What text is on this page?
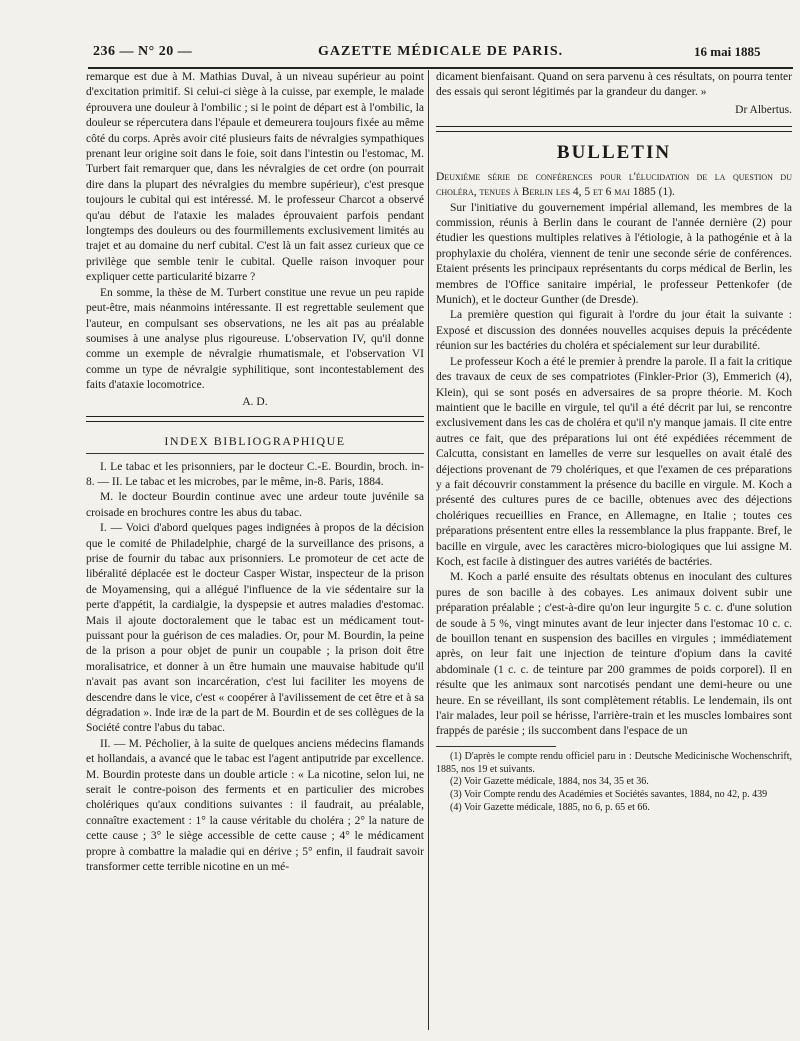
236 — N° 20 —	GAZETTE MÉDICALE DE PARIS.	16 mai 1885

remarque est due à M. Mathias Duval, à un niveau supérieur au point d'excitation primitif. Si celui-ci siège à la cuisse, par exemple, le malade éprouvera une douleur à l'ombilic ; si le point de départ est à l'ombilic, la douleur se répercutera dans l'épaule et demeurera toujours fixée au même côté du corps. Après avoir cité plusieurs faits de névralgies sympathiques prenant leur origine soit dans le foie, soit dans l'intestin ou l'estomac, M. Turbert fait remarquer que, dans les névralgies de cet ordre (on pourrait dire dans la plupart des névralgies du membre supérieur), c'est presque toujours le cubital qui est intéressé. M. le professeur Charcot a observé qu'au début de l'ataxie les malades éprouvaient parfois pendant longtemps des douleurs ou des fourmillements exclusivement limités au trajet et au domaine du nerf cubital. C'est là un fait assez curieux que ce privilège que semble tenir le cubital. Quelle raison invoquer pour expliquer cette particularité bizarre ?

En somme, la thèse de M. Turbert constitue une revue un peu rapide peut-être, mais néanmoins intéressante. Il est regrettable seulement que l'auteur, en compulsant ses observations, ne les ait pas au préalable soumises à une analyse plus rigoureuse. L'observation IV, qu'il donne comme un exemple de névralgie rhumatismale, et l'observation VI comme un type de névralgie syphilitique, sont incontestablement des faits d'ataxie locomotrice.

A. D.
INDEX BIBLIOGRAPHIQUE

I. Le tabac et les prisonniers, par le docteur C.-E. Bourdin, broch. in-8. — II. Le tabac et les microbes, par le même, in-8. Paris, 1884.

M. le docteur Bourdin continue avec une ardeur toute juvénile sa croisade en brochures contre les abus du tabac.

I. — Voici d'abord quelques pages indignées à propos de la décision que le comité de Philadelphie, chargé de la surveillance des prisons, a prise de fournir du tabac aux prisonniers. Le promoteur de cet acte de libéralité déplacée est le docteur Casper Wistar, inspecteur de la prison de Moyamensing, qui a allégué l'influence de la vie sédentaire sur la perte d'appétit, la cardialgie, la dyspepsie et autres maladies d'estomac. Mais il ajoute doctoralement que le tabac est un médicament tout-puissant pour la guérison de ces maladies. Or, pour M. Bourdin, la peine de la prison a pour objet de punir un coupable ; la prison doit être moralisatrice, et donner à un être humain une mauvaise habitude qu'il n'avait pas avant son incarcération, c'est lui faciliter les moyens de descendre dans le vice, c'est « coopérer à l'avilissement de cet être et à sa dégradation ». Inde iræ de la part de M. Bourdin et de ses collègues de la Société contre l'abus du tabac.

II. — M. Pécholier, à la suite de quelques anciens médecins flamands et hollandais, a avancé que le tabac est l'agent antiputride par excellence. M. Bourdin proteste dans un double article : « La nicotine, selon lui, ne serait le contre-poison des ferments et en particulier des microbes cholériques qu'aux conditions suivantes : il faudrait, au préalable, connaître exactement : 1° la cause véritable du choléra ; 2° la nature de cette cause ; 3° le siège accessible de cette cause ; 4° le médicament propre à combattre la maladie qui en dérive ; 5° enfin, il faudrait savoir transformer cette terrible nicotine en un mé-

dicament bienfaisant. Quand on sera parvenu à ces résultats, on pourra tenter des essais qui seront légitimés par la grandeur du danger. »

Dr Albertus.
BULLETIN

Deuxième série de conférences pour l'élucidation de la question du choléra, tenues à Berlin les 4, 5 et 6 mai 1885 (1).

Sur l'initiative du gouvernement impérial allemand, les membres de la commission, réunis à Berlin dans le courant de l'année dernière (2) pour étudier les questions multiples relatives à l'étiologie, à la pathogénie et à la prophylaxie du choléra, viennent de tenir une seconde série de conférences. Etaient présents les principaux représentants du corps médical de Berlin, les membres de l'Office sanitaire impérial, le professeur Pettenkofer (de Munich), et le docteur Gunther (de Dresde).

La première question qui figurait à l'ordre du jour était la suivante : Exposé et discussion des données nouvelles acquises depuis la précédente réunion sur les bactéries du choléra et spécialement sur leur durabilité.

Le professeur Koch a été le premier à prendre la parole. Il a fait la critique des travaux de ceux de ses compatriotes (Finkler-Prior (3), Emmerich (4), Klein), qui se sont posés en adversaires de sa propre théorie. M. Koch maintient que le bacille en virgule, tel qu'il a été décrit par lui, se rencontre exclusivement dans les cas de choléra et qu'il n'y manque jamais. Il cite entre autres ce fait, que des préparations lui ont été expédiées récemment de Calcutta, consistant en lamelles de verre sur lesquelles on avait étalé des déjections provenant de 79 cholériques, et que l'examen de ces préparations y a fait découvrir constamment la présence du bacille en virgule. M. Koch a présenté des cultures pures de ce bacille, obtenues avec des déjections cholériques recueillies en France, en Allemagne, en Italie ; toutes ces préparations présentent entre elles la ressemblance la plus frappante. Bref, le bacille en virgule, avec les caractères micro-biologiques que lui assigne M. Koch, est facile à distinguer des autres variétés de bactéries.

M. Koch a parlé ensuite des résultats obtenus en inoculant des cultures pures de son bacille à des cobayes. Les animaux doivent subir une préparation préalable ; c'est-à-dire qu'on leur ingurgite 5 c. c. d'une solution de soude à 5 %, vingt minutes avant de leur injecter dans l'estomac 10 c. c. de bouillon tenant en suspension des bacilles en virgules ; immédiatement après, on leur fait une injection de teinture d'opium dans la cavité abdominale (1 c. c. de teinture par 200 grammes de poids corporel). Il en résulte que les animaux sont narcotisés pendant une demi-heure ou une heure. En se réveillant, ils sont complètement rétablis. Le lendemain, ils ont l'air malades, leur poil se hérisse, l'arrière-train et les muscles lombaires sont frappés de parésie ; ils succombent dans l'espace de un

(1) D'après le compte rendu officiel paru in : Deutsche Medicinische Wochenschrift, 1885, nos 19 et suivants.

(2) Voir Gazette médicale, 1884, nos 34, 35 et 36.

(3) Voir Compte rendu des Académies et Sociétés savantes, 1884, no 42, p. 439

(4) Voir Gazette médicale, 1885, no 6, p. 65 et 66.
